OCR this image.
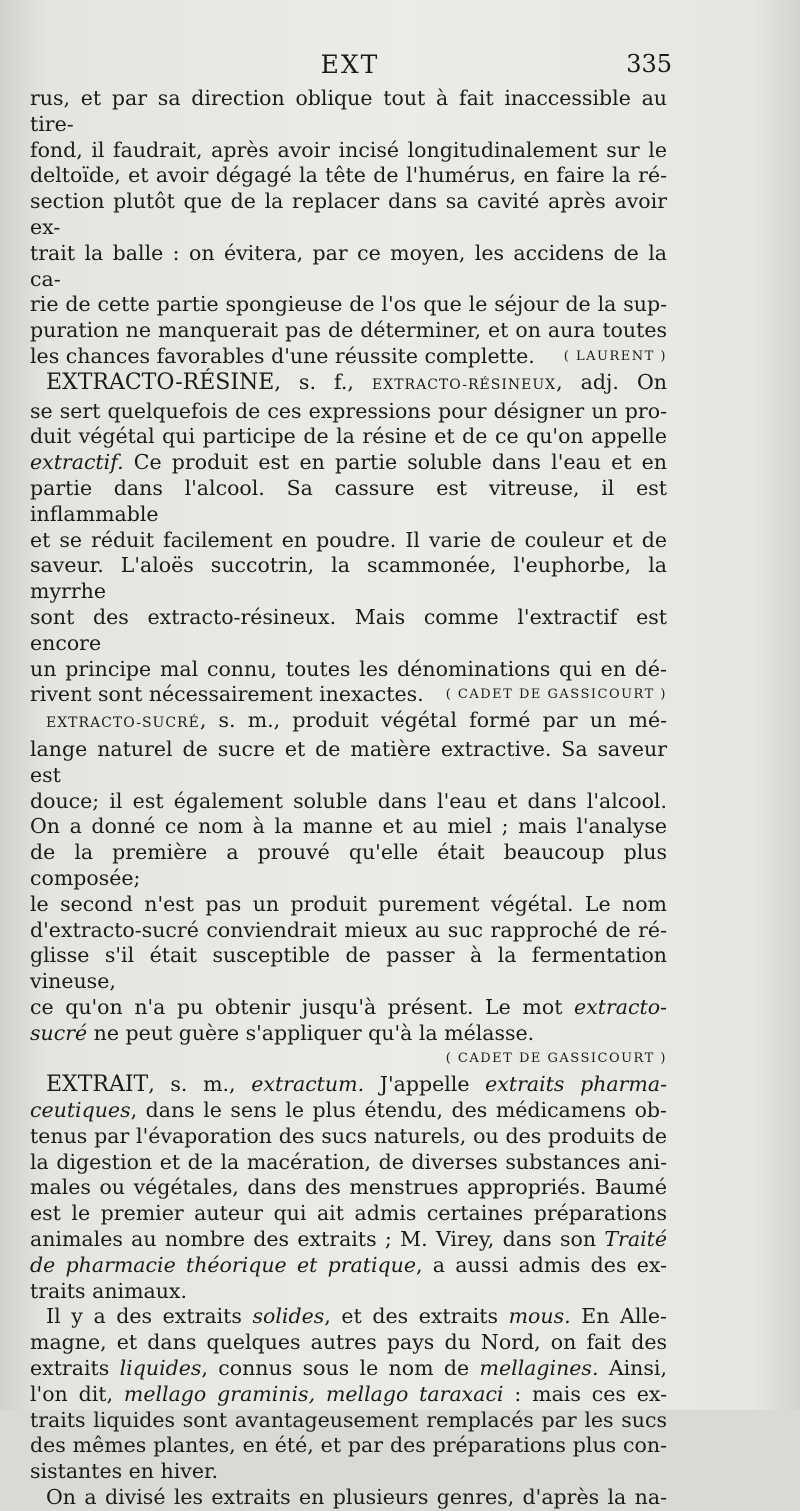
EXT	335

rus, et par sa direction oblique tout à fait inaccessible au tire-

fond, il faudrait, après avoir incisé longitudinalement sur le

deltoïde, et avoir dégagé la tête de l'humérus, en faire la ré-

section plutôt que de la replacer dans sa cavité après avoir ex-

trait la balle : on évitera, par ce moyen, les accidens de la ca-

rie de cette partie spongieuse de l'os que le séjour de la sup-

puration ne manquerait pas de déterminer, et on aura toutes

les chances favorables d'une réussite complette. ( LAURENT )

EXTRACTO-RÉSINE, s. f., EXTRACTO-RÉSINEUX, adj. On

se sert quelquefois de ces expressions pour désigner un pro-

duit végétal qui participe de la résine et de ce qu'on appelle

extractif. Ce produit est en partie soluble dans l'eau et en

partie dans l'alcool. Sa cassure est vitreuse, il est inflammable

et se réduit facilement en poudre. Il varie de couleur et de

saveur. L'aloës succotrin, la scammonée, l'euphorbe, la myrrhe

sont des extracto-résineux. Mais comme l'extractif est encore

un principe mal connu, toutes les dénominations qui en dé-

rivent sont nécessairement inexactes. ( CADET DE GASSICOURT )

EXTRACTO-SUCRÉ, s. m., produit végétal formé par un mé-

lange naturel de sucre et de matière extractive. Sa saveur est

douce; il est également soluble dans l'eau et dans l'alcool.

On a donné ce nom à la manne et au miel ; mais l'analyse

de la première a prouvé qu'elle était beaucoup plus composée;

le second n'est pas un produit purement végétal. Le nom

d'extracto-sucré conviendrait mieux au suc rapproché de ré-

glisse s'il était susceptible de passer à la fermentation vineuse,

ce qu'on n'a pu obtenir jusqu'à présent. Le mot extracto-

sucré ne peut guère s'appliquer qu'à la mélasse.

( CADET DE GASSICOURT )

EXTRAIT, s. m., extractum. J'appelle extraits pharma-

ceutiques, dans le sens le plus étendu, des médicamens ob-

tenus par l'évaporation des sucs naturels, ou des produits de

la digestion et de la macération, de diverses substances ani-

males ou végétales, dans des menstrues appropriés. Baumé

est le premier auteur qui ait admis certaines préparations

animales au nombre des extraits ; M. Virey, dans son Traité

de pharmacie théorique et pratique, a aussi admis des ex-

traits animaux.

Il y a des extraits solides, et des extraits mous. En Alle-

magne, et dans quelques autres pays du Nord, on fait des

extraits liquides, connus sous le nom de mellagines. Ainsi,

l'on dit, mellago graminis, mellago taraxaci : mais ces ex-

traits liquides sont avantageusement remplacés par les sucs

des mêmes plantes, en été, et par des préparations plus con-

sistantes en hiver.

On a divisé les extraits en plusieurs genres, d'après la na-
